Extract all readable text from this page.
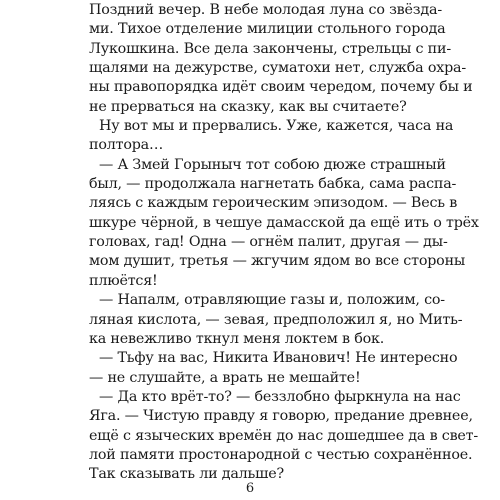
Поздний вечер. В небе молодая луна со звёзда-
ми. Тихое отделение милиции стольного города
Лукошкина. Все дела закончены, стрельцы с пи-
щалями на дежурстве, суматохи нет, служба охра-
ны правопорядка идёт своим чередом, почему бы и
не прерваться на сказку, как вы считаете?
Ну вот мы и прервались. Уже, кажется, часа на
полтора…
— А Змей Горыныч тот собою дюже страшный
был, — продолжала нагнетать бабка, сама распа-
ляясь с каждым героическим эпизодом. — Весь в
шкуре чёрной, в чешуе дамасской да ещё ить о трёх
головах, гад! Одна — огнём палит, другая — ды-
мом душит, третья — жгучим ядом во все стороны
плюётся!
— Напалм, отравляющие газы и, положим, со-
ляная кислота, — зевая, предположил я, но Мить-
ка невежливо ткнул меня локтем в бок.
— Тьфу на вас, Никита Иванович! Не интересно
— не слушайте, а врать не мешайте!
— Да кто врёт-то? — беззлобно фыркнула на нас
Яга. — Чистую правду я говорю, предание древнее,
ещё с языческих времён до нас дошедшее да в свет-
лой памяти простонародной с честью сохранённое.
Так сказывать ли дальше?
6
